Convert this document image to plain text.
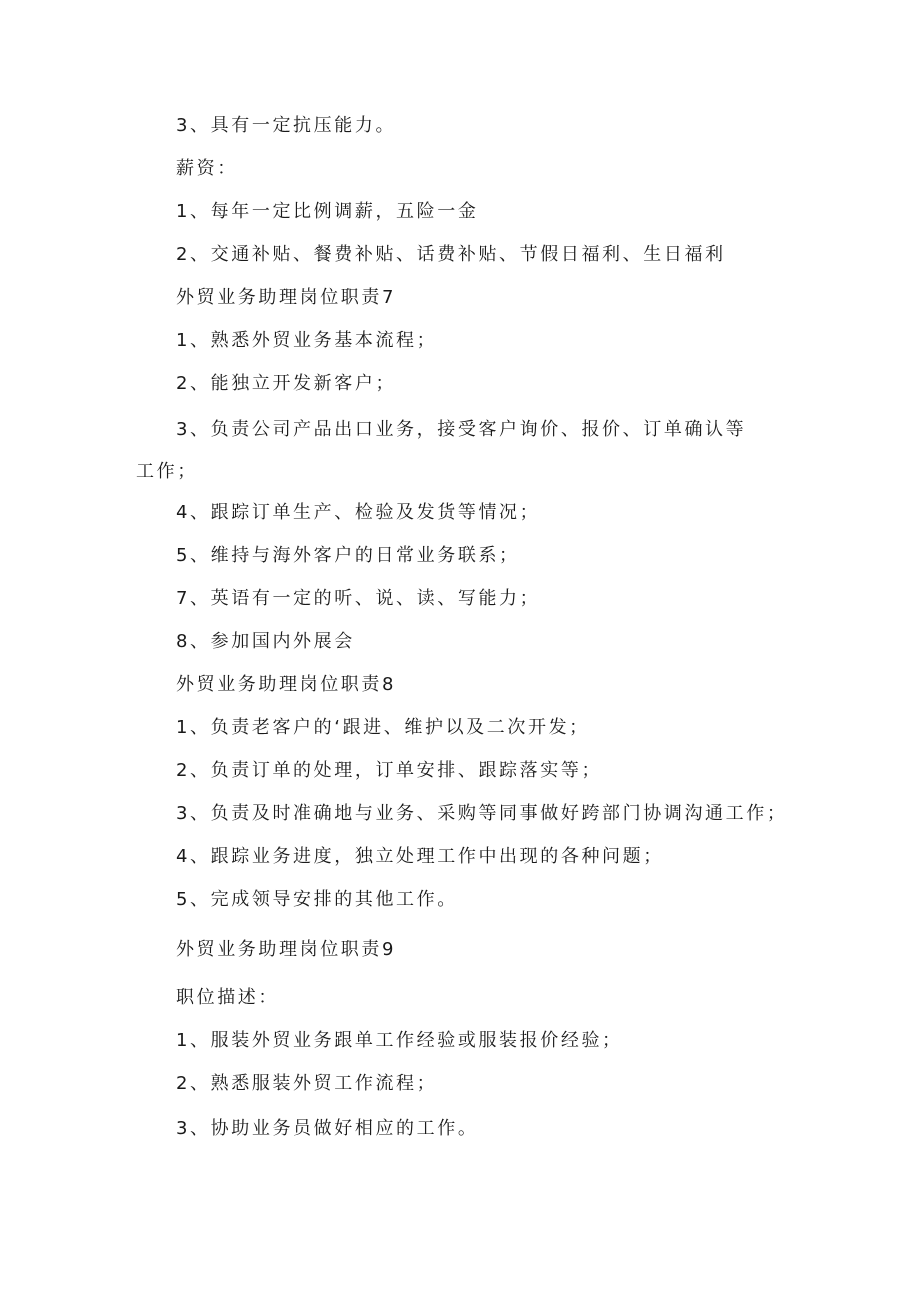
3、具有一定抗压能力。
薪资：
1、每年一定比例调薪，五险一金
2、交通补贴、餐费补贴、话费补贴、节假日福利、生日福利
外贸业务助理岗位职责7
1、熟悉外贸业务基本流程；
2、能独立开发新客户；
3、负责公司产品出口业务，接受客户询价、报价、订单确认等工作；
4、跟踪订单生产、检验及发货等情况；
5、维持与海外客户的日常业务联系；
7、英语有一定的听、说、读、写能力；
8、参加国内外展会
外贸业务助理岗位职责8
1、负责老客户的‘跟进、维护以及二次开发；
2、负责订单的处理，订单安排、跟踪落实等；
3、负责及时准确地与业务、采购等同事做好跨部门协调沟通工作；
4、跟踪业务进度，独立处理工作中出现的各种问题；
5、完成领导安排的其他工作。
外贸业务助理岗位职责9
职位描述：
1、服装外贸业务跟单工作经验或服装报价经验；
2、熟悉服装外贸工作流程；
3、协助业务员做好相应的工作。
